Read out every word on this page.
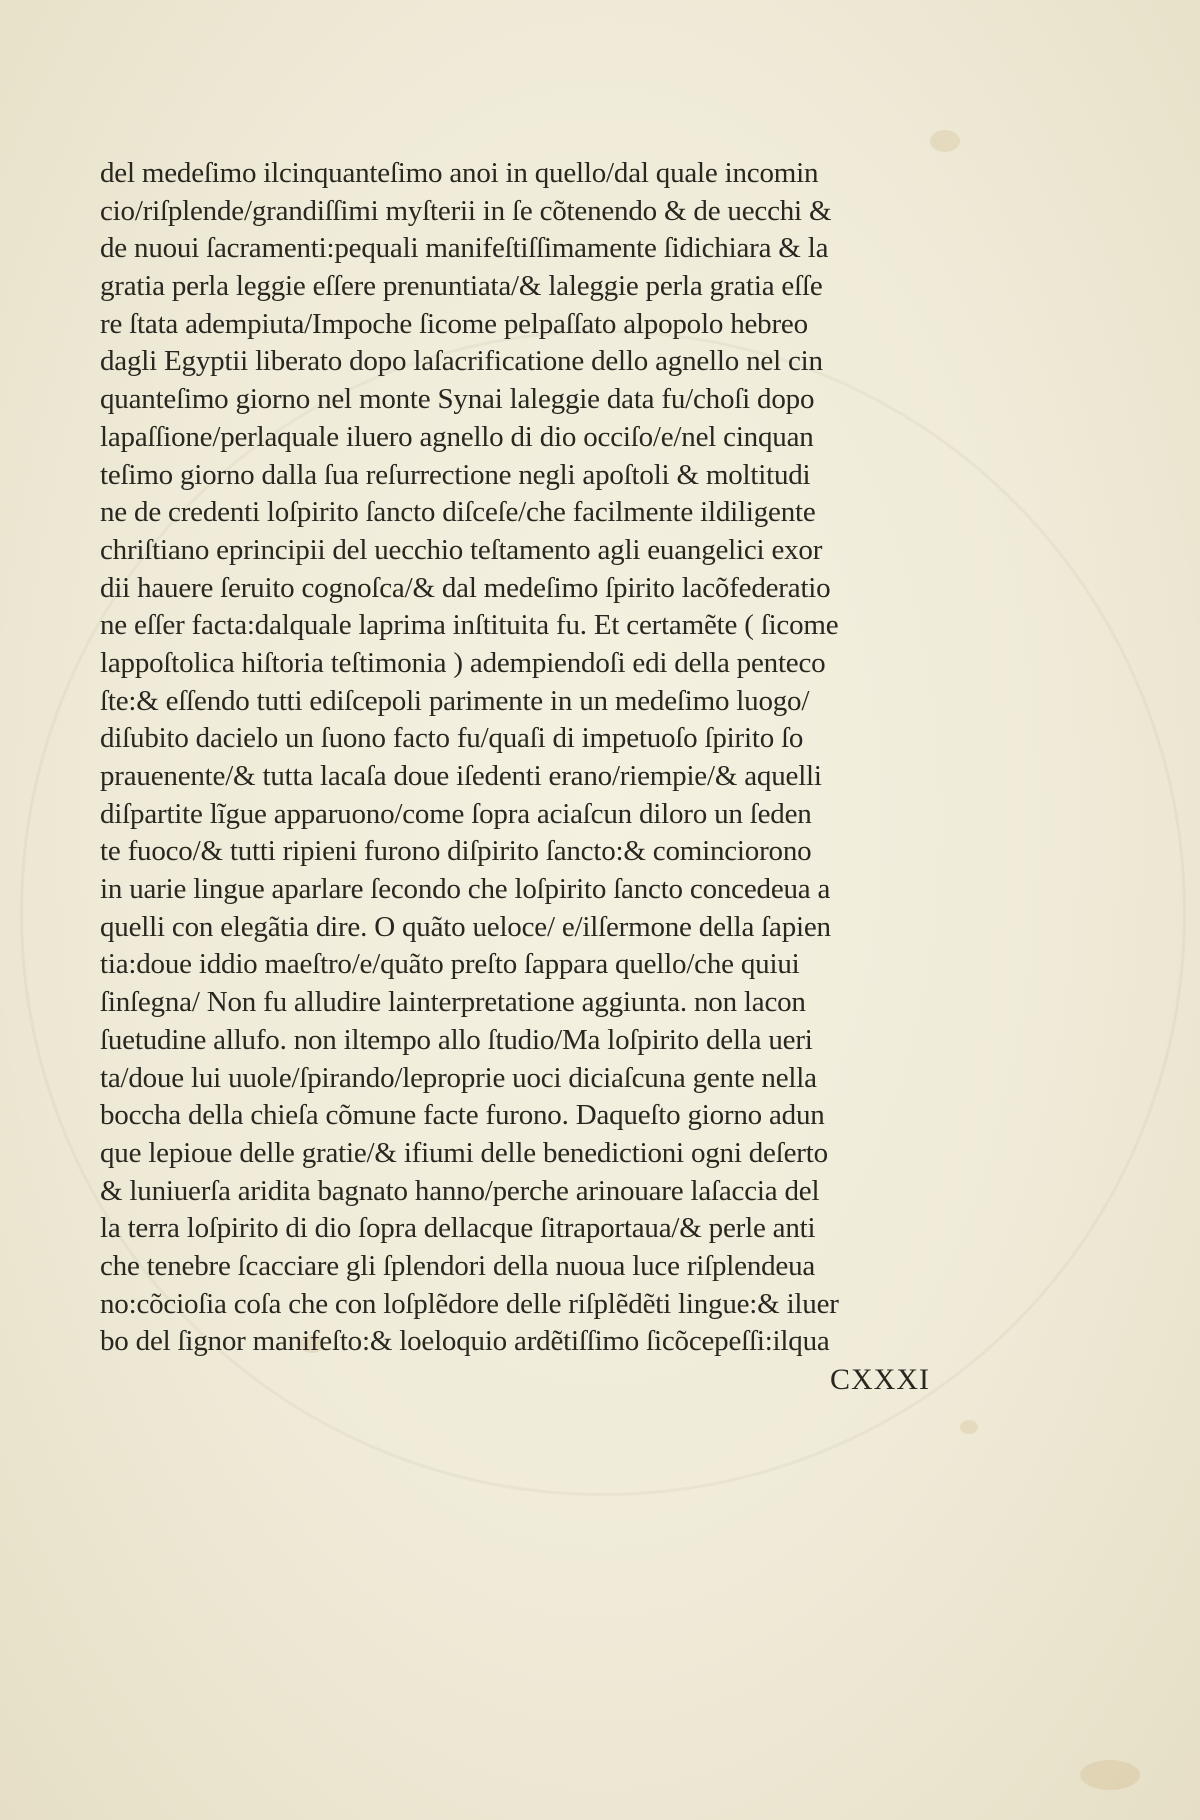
del medeſimo ilcinquanteſimo anoi in quello/dal quale incomin
cio/riſplende/grandiſſimi myſterii in ſe cõtenendo & de uecchi &
de nuoui ſacramenti:pequali manifeſtiſſimamente ſidichiara & la
gratia perla leggie eſſere prenuntiata/& laleggie perla gratia eſſe
re ſtata adempiuta/Impoche ſicome pelpaſſato alpopolo hebreo
dagli Egyptii liberato dopo laſacrificatione dello agnello nel cin
quanteſimo giorno nel monte Synai laleggie data fu/choſi dopo
lapaſſione/perlaquale iluero agnello di dio occiſo/e/nel cinquan
teſimo giorno dalla ſua reſurrectione negli apoſtoli & moltitudi
ne de credenti loſpirito ſancto diſceſe/che facilmente ildiligente
chriſtiano eprincipii del uecchio teſtamento agli euangelici exor
dii hauere ſeruito cognoſca/& dal medeſimo ſpirito lacõfederatio
ne eſſer facta:dalquale laprima inſtituita fu. Et certamẽte ( ſicome
lappoſtolica hiſtoria teſtimonia ) adempiendoſi edi della penteco
ſte:& eſſendo tutti ediſcepoli parimente in un medeſimo luogo/
diſubito dacielo un ſuono facto fu/quaſi di impetuoſo ſpirito ſo
prauenente/& tutta lacaſa doue iſedenti erano/riempie/& aquelli
diſpartite lĩgue apparuono/come ſopra aciaſcun diloro un ſeden
te fuoco/& tutti ripieni furono diſpirito ſancto:& cominciorono
in uarie lingue aparlare ſecondo che loſpirito ſancto concedeua a
quelli con elegãtia dire. O quãto ueloce/ e/ilſermone della ſapien
tia:doue iddio maeſtro/e/quãto preſto ſappara quello/che quiui
ſinſegna/ Non fu alludire lainterpretatione aggiunta. non lacon
ſuetudine allufo. non iltempo allo ſtudio/Ma loſpirito della ueri
ta/doue lui uuole/ſpirando/leproprie uoci diciaſcuna gente nella
boccha della chieſa cõmune facte furono. Daqueſto giorno adun
que lepioue delle gratie/& ifiumi delle benedictioni ogni deſerto
& luniuerſa aridita bagnato hanno/perche arinouare laſaccia del
la terra loſpirito di dio ſopra dellacque ſitraportaua/& perle anti
che tenebre ſcacciare gli ſplendori della nuoua luce riſplendeua
no:cõcioſia coſa che con loſplẽdore delle riſplẽdẽti lingue:& iluer
bo del ſignor manifeſto:& loeloquio ardẽtiſſimo ſicõcepeſſi:ilqua
CXXXI
